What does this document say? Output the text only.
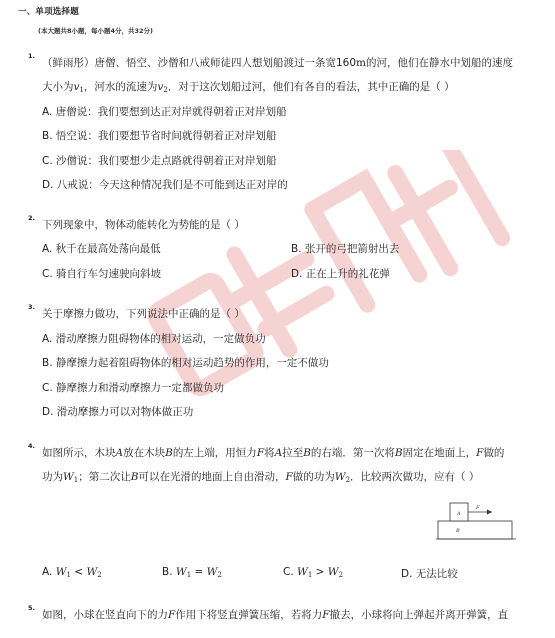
一、单项选择题
(本大题共8小题，每小题4分，共32分)
1.
（鲜雨彤）唐僧、悟空、沙僧和八戒师徒四人想划船渡过一条宽160m的河，他们在静水中划船的速度
大小为$v_1$，河水的流速为$v_2$．对于这次划船过河，他们有各自的看法，其中正确的是（ ）
A. 唐僧说：我们要想到达正对岸就得朝着正对岸划船
B. 悟空说：我们要想节省时间就得朝着正对岸划船
C. 沙僧说：我们要想少走点路就得朝着正对岸划船
D. 八戒说：今天这种情况我们是不可能到达正对岸的
2.
下列现象中，物体动能转化为势能的是（ ）
A. 秋千在最高处荡向最低	B. 张开的弓把箭射出去
C. 骑自行车匀速驶向斜坡	D. 正在上升的礼花弹
3.
关于摩擦力做功，下列说法中正确的是（ ）
A. 滑动摩擦力阻碍物体的相对运动，一定做负功
B. 静摩擦力起着阻碍物体的相对运动趋势的作用，一定不做功
C. 静摩擦力和滑动摩擦力一定都做负功
D. 滑动摩擦力可以对物体做正功
4.
如图所示，木块A放在木块B的左上端，用恒力F将A拉至B的右端．第一次将B固定在地面上，F做的
功为$W_1$；第二次让B可以在光滑的地面上自由滑动，F做的功为$W_2$．比较两次做功，应有（ ）
A
B
F
A. $W_1 < W_2$	B. $W_1 = W_2$	C. $W_1 > W_2$	D. 无法比较
5.
如图，小球在竖直向下的力F作用下将竖直弹簧压缩，若将力F撤去，小球将向上弹起并离开弹簧，直
